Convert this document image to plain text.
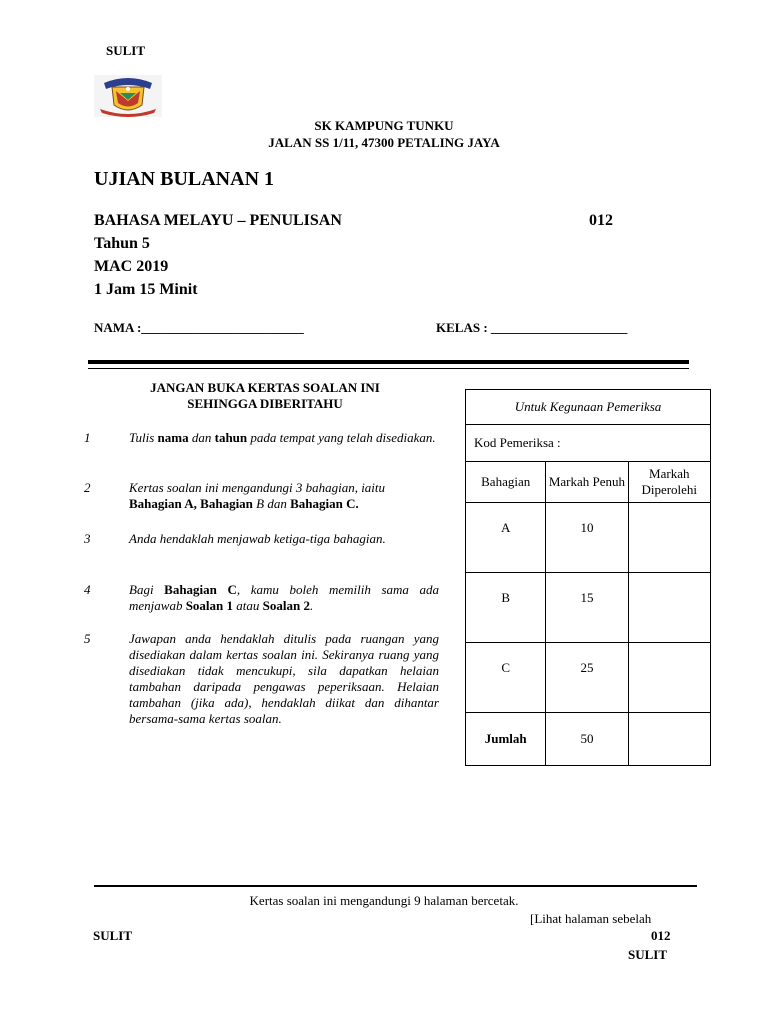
SULIT
SK KAMPUNG TUNKU
JALAN SS 1/11, 47300 PETALING JAYA
UJIAN BULANAN 1
BAHASA MELAYU – PENULISAN	012
Tahun 5
MAC 2019
1 Jam 15 Minit
NAMA :_________________________	KELAS : _____________________
JANGAN BUKA KERTAS SOALAN INI
SEHINGGA DIBERITAHU
1	Tulis nama dan tahun pada tempat yang telah disediakan.
2	Kertas soalan ini mengandungi 3 bahagian, iaitu Bahagian A, Bahagian B dan Bahagian C.
3	Anda hendaklah menjawab ketiga-tiga bahagian.
4	Bagi Bahagian C, kamu boleh memilih sama ada menjawab Soalan 1 atau Soalan 2.
5	Jawapan anda hendaklah ditulis pada ruangan yang disediakan dalam kertas soalan ini. Sekiranya ruang yang disediakan tidak mencukupi, sila dapatkan helaian tambahan daripada pengawas peperiksaan. Helaian tambahan (jika ada), hendaklah diikat dan dihantar bersama-sama kertas soalan.
Untuk Kegunaan Pemeriksa		
Kod Pemeriksa :		
Bahagian	Markah Penuh	Markah Diperolehi
A	10	
B	15	
C	25	
Jumlah	50	
Kertas soalan ini mengandungi 9 halaman bercetak.
[Lihat halaman sebelah
SULIT	012
SULIT
